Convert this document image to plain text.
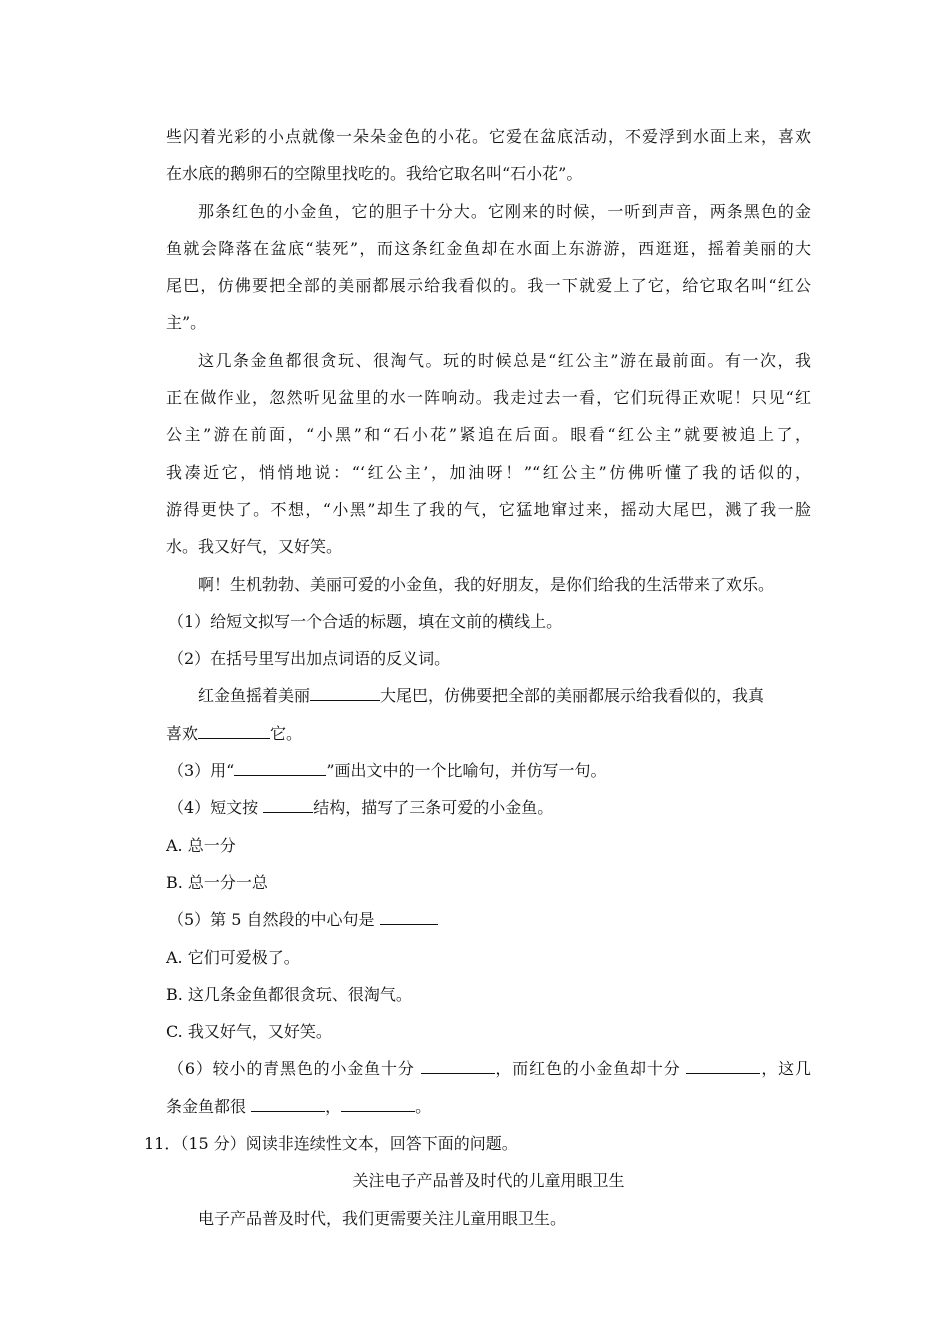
些闪着光彩的小点就像一朵朵金色的小花。它爱在盆底活动，不爱浮到水面上来，喜欢
在水底的鹅卵石的空隙里找吃的。我给它取名叫“石小花”。
那条红色的小金鱼，它的胆子十分大。它刚来的时候，一听到声音，两条黑色的金
鱼就会降落在盆底“装死”，而这条红金鱼却在水面上东游游，西逛逛，摇着美丽的大
尾巴，仿佛要把全部的美丽都展示给我看似的。我一下就爱上了它，给它取名叫“红公
主”。
这几条金鱼都很贪玩、很淘气。玩的时候总是“红公主”游在最前面。有一次，我
正在做作业，忽然听见盆里的水一阵响动。我走过去一看，它们玩得正欢呢！只见“红
公主”游在前面，“小黑”和“石小花”紧追在后面。眼看“红公主”就要被追上了，
我凑近它，悄悄地说：“‘红公主’，加油呀！”“红公主”仿佛听懂了我的话似的，
游得更快了。不想，“小黑”却生了我的气，它猛地窜过来，摇动大尾巴，溅了我一脸
水。我又好气，又好笑。
啊！生机勃勃、美丽可爱的小金鱼，我的好朋友，是你们给我的生活带来了欢乐。
（1）给短文拟写一个合适的标题，填在文前的横线上。
（2）在括号里写出加点词语的反义词。
红金鱼摇着美丽	大尾巴，仿佛要把全部的美丽都展示给我看似的，我真
喜欢	它。
（3）用“	”画出文中的一个比喻句，并仿写一句。
（4）短文按	结构，描写了三条可爱的小金鱼。
A. 总一分
B. 总一分一总
（5）第 5 自然段的中心句是
A. 它们可爱极了。
B. 这几条金鱼都很贪玩、很淘气。
C. 我又好气，又好笑。
（6）较小的青黑色的小金鱼十分	，而红色的小金鱼却十分	，这几
条金鱼都很	，	。
11．（15 分）阅读非连续性文本，回答下面的问题。
关注电子产品普及时代的儿童用眼卫生
电子产品普及时代，我们更需要关注儿童用眼卫生。
